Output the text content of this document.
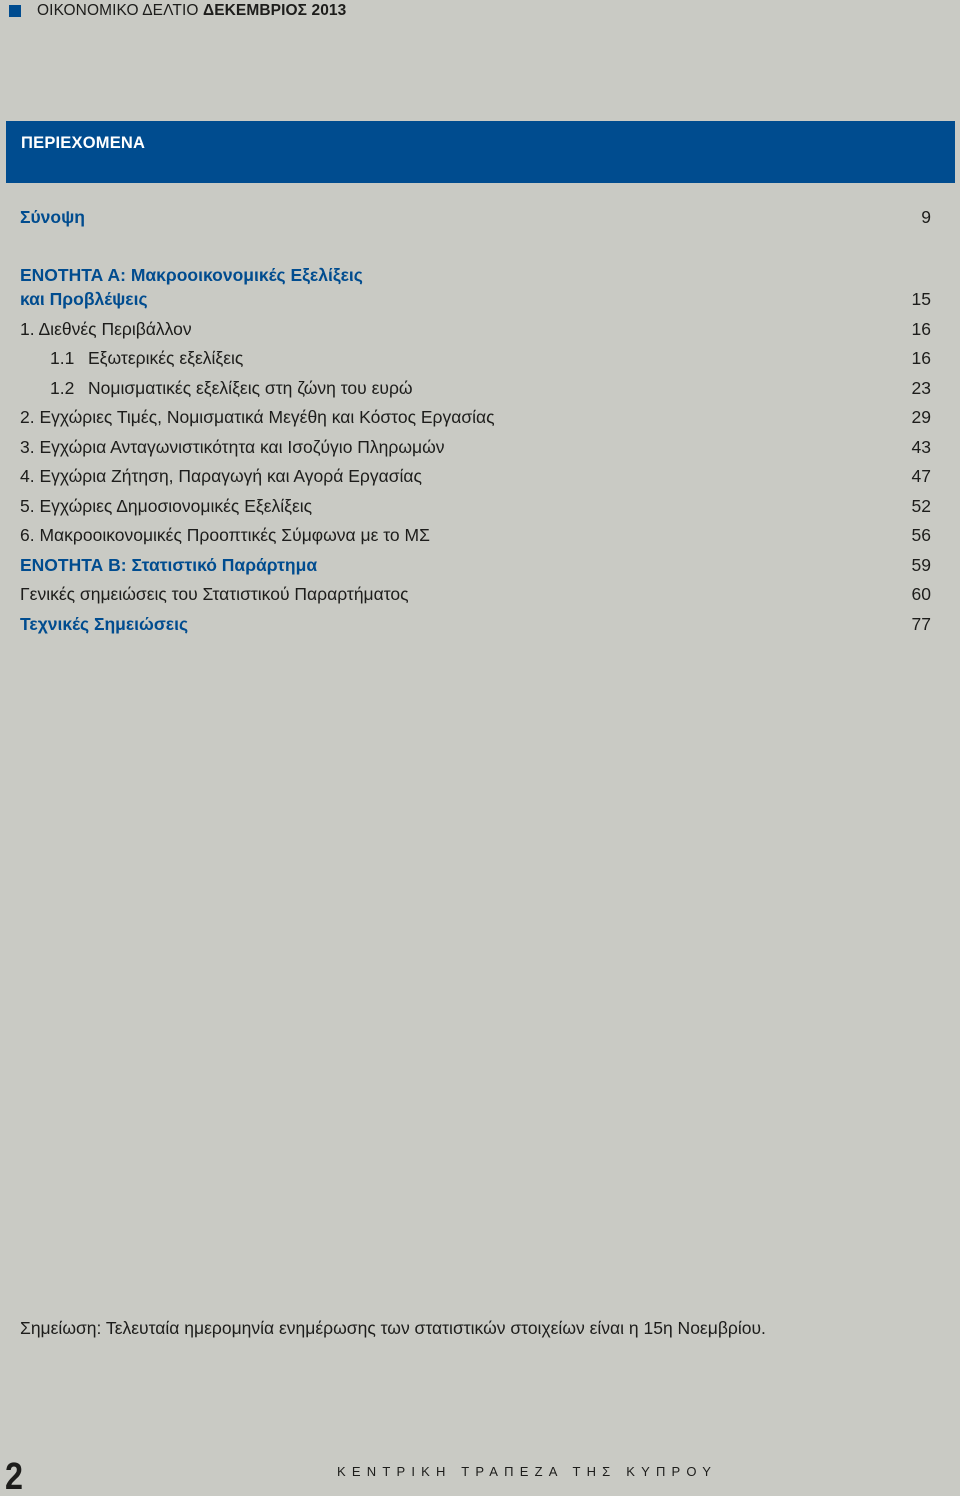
ΟΙΚΟΝΟΜΙΚΟ ΔΕΛΤΙΟ ΔΕΚΕΜΒΡΙΟΣ 2013
ΠΕΡΙΕΧΟΜΕΝΑ
Σύνοψη	9
ΕΝΟΤΗΤΑ Α: Μακροοικονομικές Εξελίξεις
και Προβλέψεις	15
1. Διεθνές Περιβάλλον	16
1.1 Εξωτερικές εξελίξεις	16
1.2 Νομισματικές εξελίξεις στη ζώνη του ευρώ	23
2. Εγχώριες Τιμές, Νομισματικά Μεγέθη και Κόστος Εργασίας	29
3. Εγχώρια Ανταγωνιστικότητα και Ισοζύγιο Πληρωμών	43
4. Εγχώρια Ζήτηση, Παραγωγή και Αγορά Εργασίας	47
5. Εγχώριες Δημοσιονομικές Εξελίξεις	52
6. Μακροοικονομικές Προοπτικές Σύμφωνα με το ΜΣ	56
ΕΝΟΤΗΤΑ Β: Στατιστικό Παράρτημα	59
Γενικές σημειώσεις του Στατιστικού Παραρτήματος	60
Τεχνικές Σημειώσεις	77
Σημείωση: Τελευταία ημερομηνία ενημέρωσης των στατιστικών στοιχείων είναι η 15η Νοεμβρίου.
2	ΚΕΝΤΡΙΚΗ ΤΡΑΠΕΖΑ ΤΗΣ ΚΥΠΡΟΥ
